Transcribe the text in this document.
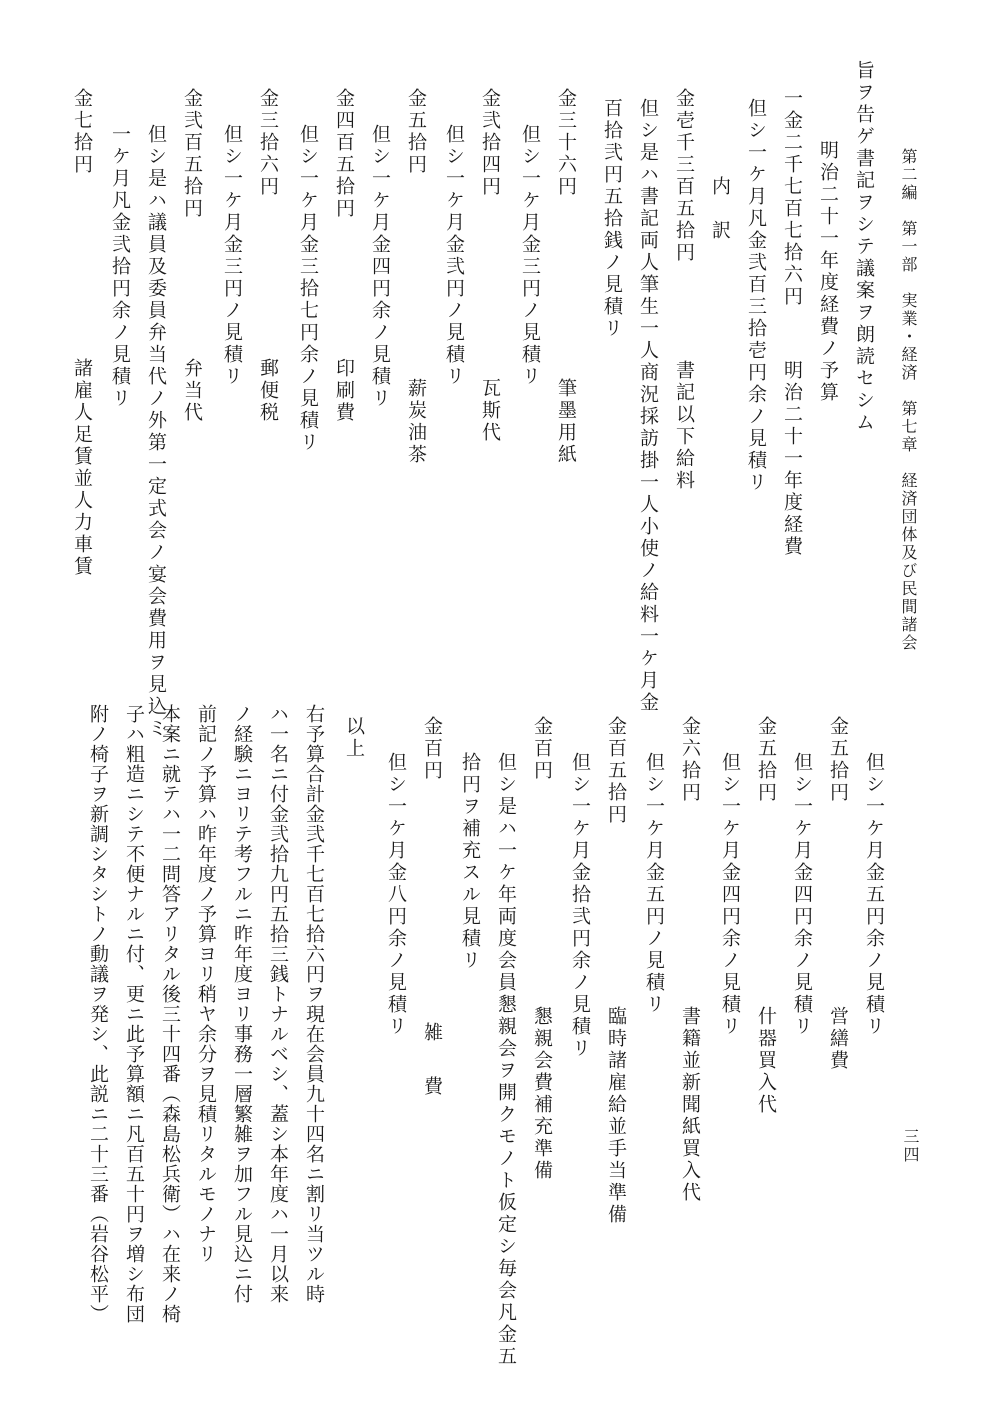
第二編　第一部　実業・経済　第七章　経済団体及び民間諸会
三四
旨ヲ告ゲ書記ヲシテ議案ヲ朗読セシム
明治二十一年度経費ノ予算
一金二千七百七拾六円
明治二十一年度経費
但シ一ケ月凡金弐百三拾壱円余ノ見積リ
内　訳
金壱千三百五拾円
書記以下給料
但シ是ハ書記両人筆生一人商況採訪掛一人小使ノ給料一ケ月金
百拾弐円五拾銭ノ見積リ
金三十六円
筆墨用紙
但シ一ケ月金三円ノ見積リ
金弐拾四円
瓦斯代
但シ一ケ月金弐円ノ見積リ
金五拾円
薪炭油茶
但シ一ケ月金四円余ノ見積リ
金四百五拾円
印刷費
但シ一ケ月金三拾七円余ノ見積リ
金三拾六円
郵便税
但シ一ケ月金三円ノ見積リ
金弐百五拾円
弁当代
但シ是ハ議員及委員弁当代ノ外第一定式会ノ宴会費用ヲ見込ミ
一ケ月凡金弐拾円余ノ見積リ
金七拾円
諸雇人足賃並人力車賃
但シ一ケ月金五円余ノ見積リ
金五拾円
営繕費
但シ一ケ月金四円余ノ見積リ
金五拾円
什器買入代
但シ一ケ月金四円余ノ見積リ
金六拾円
書籍並新聞紙買入代
但シ一ケ月金五円ノ見積リ
金百五拾円
臨時諸雇給並手当準備
但シ一ケ月金拾弐円余ノ見積リ
金百円
懇親会費補充準備
但シ是ハ一ケ年両度会員懇親会ヲ開クモノト仮定シ毎会凡金五
拾円ヲ補充スル見積リ
金百円
雑　費
但シ一ケ月金八円余ノ見積リ
以上
右予算合計金弐千七百七拾六円ヲ現在会員九十四名ニ割リ当ツル時
ハ一名ニ付金弐拾九円五拾三銭トナルベシ、蓋シ本年度ハ一月以来
ノ経験ニヨリテ考フルニ昨年度ヨリ事務一層繁雑ヲ加フル見込ニ付
前記ノ予算ハ昨年度ノ予算ヨリ稍ヤ余分ヲ見積リタルモノナリ
本案ニ就テハ一二問答アリタル後三十四番（森島松兵衛）ハ在来ノ椅
子ハ粗造ニシテ不便ナルニ付、更ニ此予算額ニ凡百五十円ヲ増シ布団
附ノ椅子ヲ新調シタシトノ動議ヲ発シ、此説ニ二十三番（岩谷松平）
